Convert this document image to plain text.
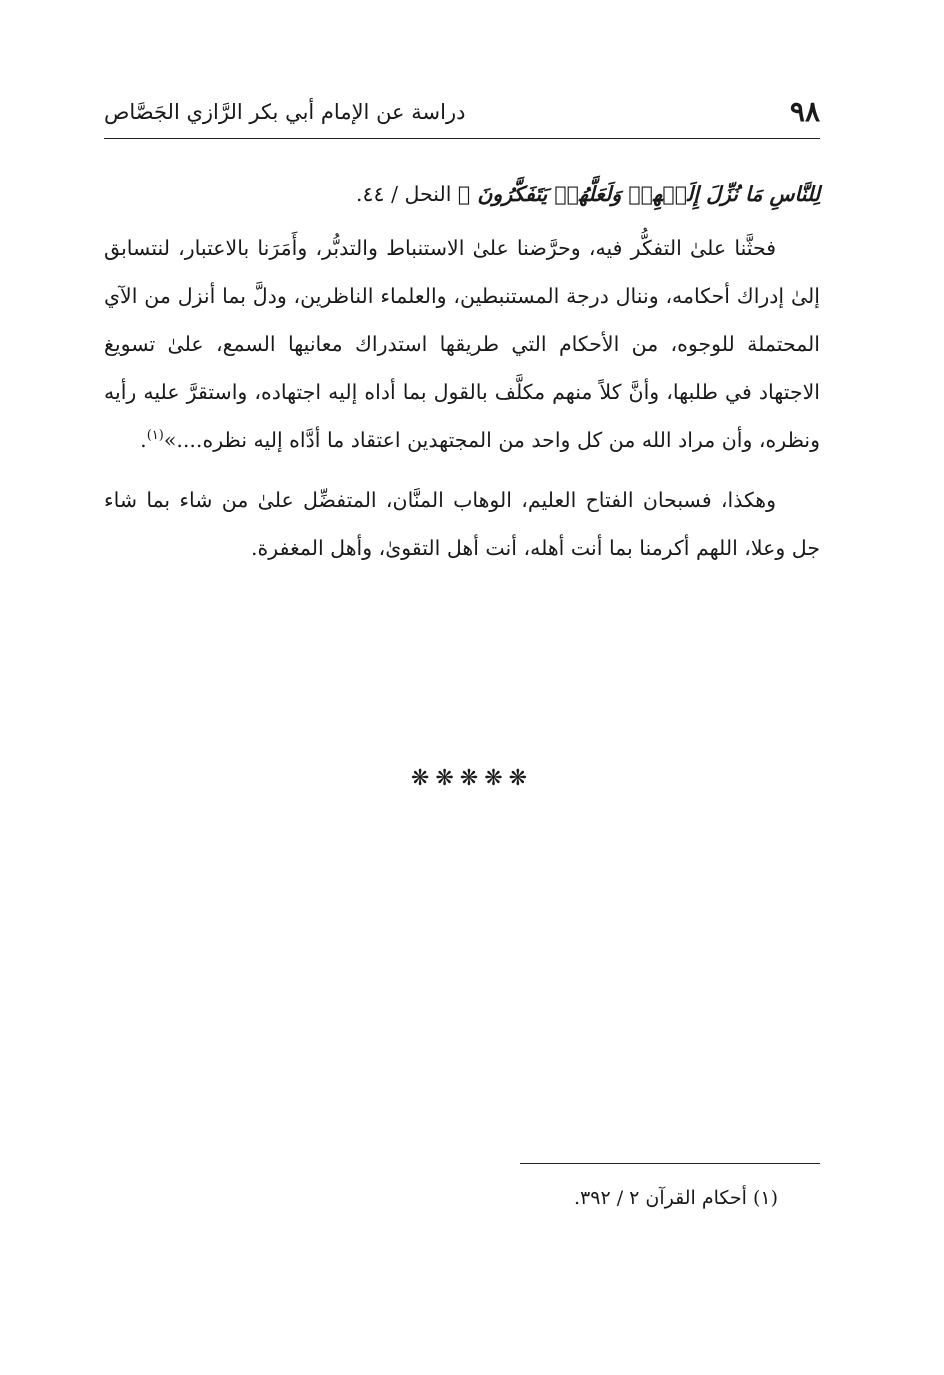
٩٨
دراسة عن الإمام أبي بكر الرَّازي الجَصَّاص

لِلنَّاسِ مَا نُزِّلَ إِلَيۡهِمۡ وَلَعَلَّهُمۡ يَتَفَكَّرُونَ ﴾ النحل / ٤٤.

فحثَّنا علىٰ التفكُّر فيه، وحرَّضنا علىٰ الاستنباط والتدبُّر، وأَمَرَنا بالاعتبار، لنتسابق إلىٰ إدراك أحكامه، وننال درجة المستنبطين، والعلماء الناظرين، ودلَّ بما أنزل من الآي المحتملة للوجوه، من الأحكام التي طريقها استدراك معانيها السمع، علىٰ تسويغ الاجتهاد في طلبها، وأنَّ كلاً منهم مكلَّف بالقول بما أداه إليه اجتهاده، واستقرَّ عليه رأيه ونظره، وأن مراد الله من كل واحد من المجتهدين اعتقاد ما أدَّاه إليه نظره....»$^{(١)}$.

وهكذا، فسبحان الفتاح العليم، الوهاب المنَّان، المتفضِّل علىٰ من شاء بما شاء جل وعلا، اللهم أكرمنا بما أنت أهله، أنت أهل التقوىٰ، وأهل المغفرة.

❋❋❋❋❋
(١) أحكام القرآن ٢ / ٣٩٢.
